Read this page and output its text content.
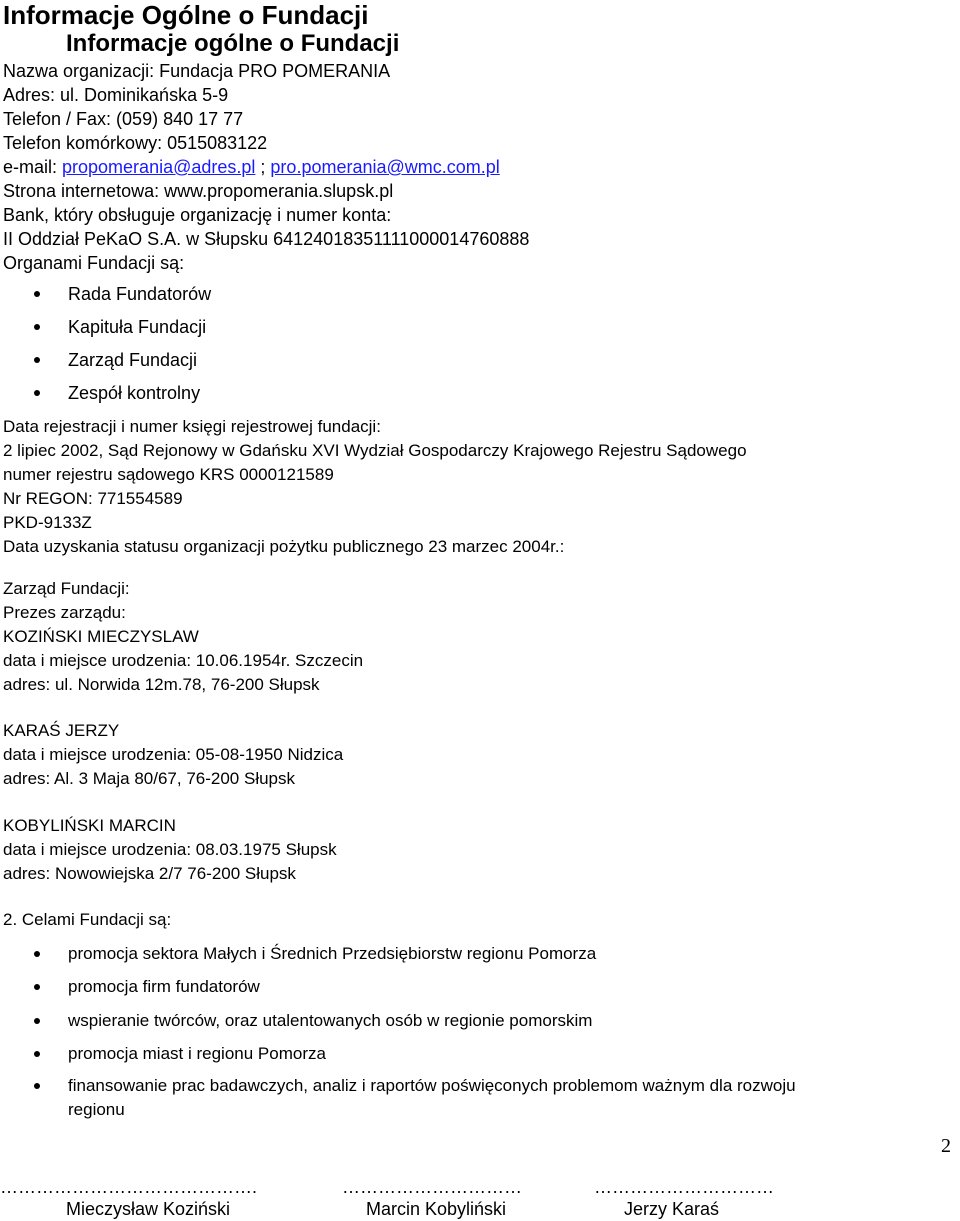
Informacje Ogólne o Fundacji
Informacje ogólne o Fundacji
Nazwa organizacji: Fundacja PRO POMERANIA
Adres: ul. Dominikańska 5-9
Telefon / Fax: (059) 840 17 77
Telefon komórkowy: 0515083122
e-mail: propomerania@adres.pl ; pro.pomerania@wmc.com.pl
Strona internetowa: www.propomerania.slupsk.pl
Bank, który obsługuje organizację i numer konta:
II Oddział PeKaO S.A. w Słupsku 64124018351111000014760888
Organami Fundacji są:
Rada Fundatorów
Kapituła Fundacji
Zarząd Fundacji
Zespół kontrolny
Data rejestracji i numer księgi rejestrowej fundacji:
2 lipiec 2002, Sąd Rejonowy w Gdańsku XVI Wydział Gospodarczy Krajowego Rejestru Sądowego
numer rejestru sądowego KRS 0000121589
Nr REGON: 771554589
PKD-9133Z
Data uzyskania statusu organizacji pożytku publicznego 23 marzec 2004r.:
Zarząd Fundacji:
Prezes zarządu:
KOZIŃSKI MIECZYSLAW
data i miejsce urodzenia: 10.06.1954r. Szczecin
adres: ul. Norwida 12m.78, 76-200 Słupsk
KARAŚ JERZY
data i miejsce urodzenia: 05-08-1950 Nidzica
adres: Al. 3 Maja 80/67, 76-200 Słupsk
KOBYLIŃSKI MARCIN
data i miejsce urodzenia: 08.03.1975 Słupsk
adres: Nowowiejska 2/7 76-200 Słupsk
2. Celami Fundacji są:
promocja sektora Małych i Średnich Przedsiębiorstw regionu Pomorza
promocja firm fundatorów
wspieranie twórców, oraz utalentowanych osób w regionie pomorskim
promocja miast i regionu Pomorza
finansowanie prac badawczych, analiz i raportów poświęconych problemom ważnym dla rozwoju
regionu
2
…………………………………….	…………………………	…………………………
Mieczysław Koziński	Marcin Kobyliński	Jerzy Karaś
